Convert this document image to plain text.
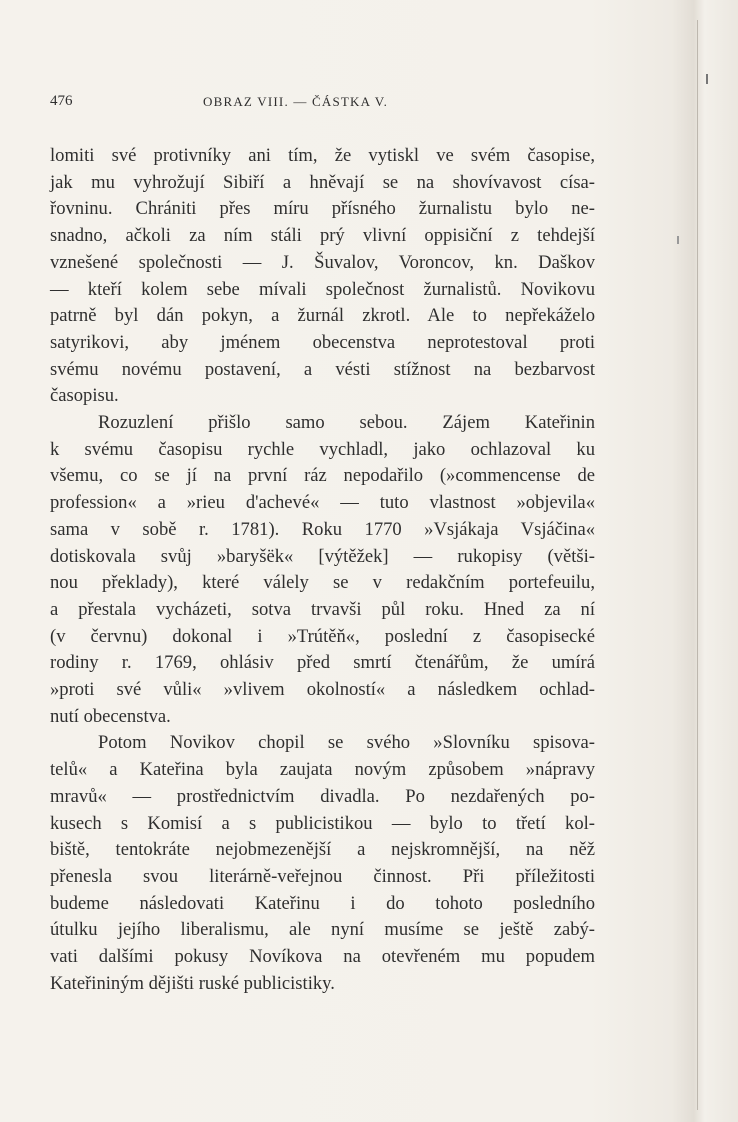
476	OBRAZ VIII. — ČÁSTKA V.
lomiti své protivníky ani tím, že vytiskl ve svém časopise,
jak mu vyhrožují Sibiří a hněvají se na shovívavost císa-
řovninu. Chrániti přes míru přísného žurnalistu bylo ne-
snadno, ačkoli za ním stáli prý vlivní oppisiční z tehdejší
vznešené společnosti — J. Šuvalov, Voroncov, kn. Daškov
— kteří kolem sebe mívali společnost žurnalistů. Novikovu
patrně byl dán pokyn, a žurnál zkrotl. Ale to nepřekáželo
satyrikovi, aby jménem obecenstva neprotestoval proti
svému novému postavení, a vésti stížnost na bezbarvost
časopisu.
Rozuzlení přišlo samo sebou. Zájem Kateřinin
k svému časopisu rychle vychladl, jako ochlazoval ku
všemu, co se jí na první ráz nepodařilo (»commencense de
profession« a »rieu d'achevé« — tuto vlastnost »objevila«
sama v sobě r. 1781). Roku 1770 »Vsjákaja Vsjáčina«
dotiskovala svůj »baryšëk« [výtěžek] — rukopisy (větši-
nou překlady), které válely se v redakčním portefeuilu,
a přestala vycházeti, sotva trvavši půl roku. Hned za ní
(v červnu) dokonal i »Trútěň«, poslední z časopisecké
rodiny r. 1769, ohlásiv před smrtí čtenářům, že umírá
»proti své vůli« »vlivem okolností« a následkem ochlad-
nutí obecenstva.
Potom Novikov chopil se svého »Slovníku spisova-
telů« a Kateřina byla zaujata novým způsobem »nápravy
mravů« — prostřednictvím divadla. Po nezdařených po-
kusech s Komisí a s publicistikou — bylo to třetí kol-
biště, tentokráte nejobmezenější a nejskromnější, na něž
přenesla svou literárně-veřejnou činnost. Při příležitosti
budeme následovati Kateřinu i do tohoto posledního
útulku jejího liberalismu, ale nyní musíme se ještě zabý-
vati dalšími pokusy Novíkova na otevřeném mu popudem
Kateřininým dějišti ruské publicistiky.
